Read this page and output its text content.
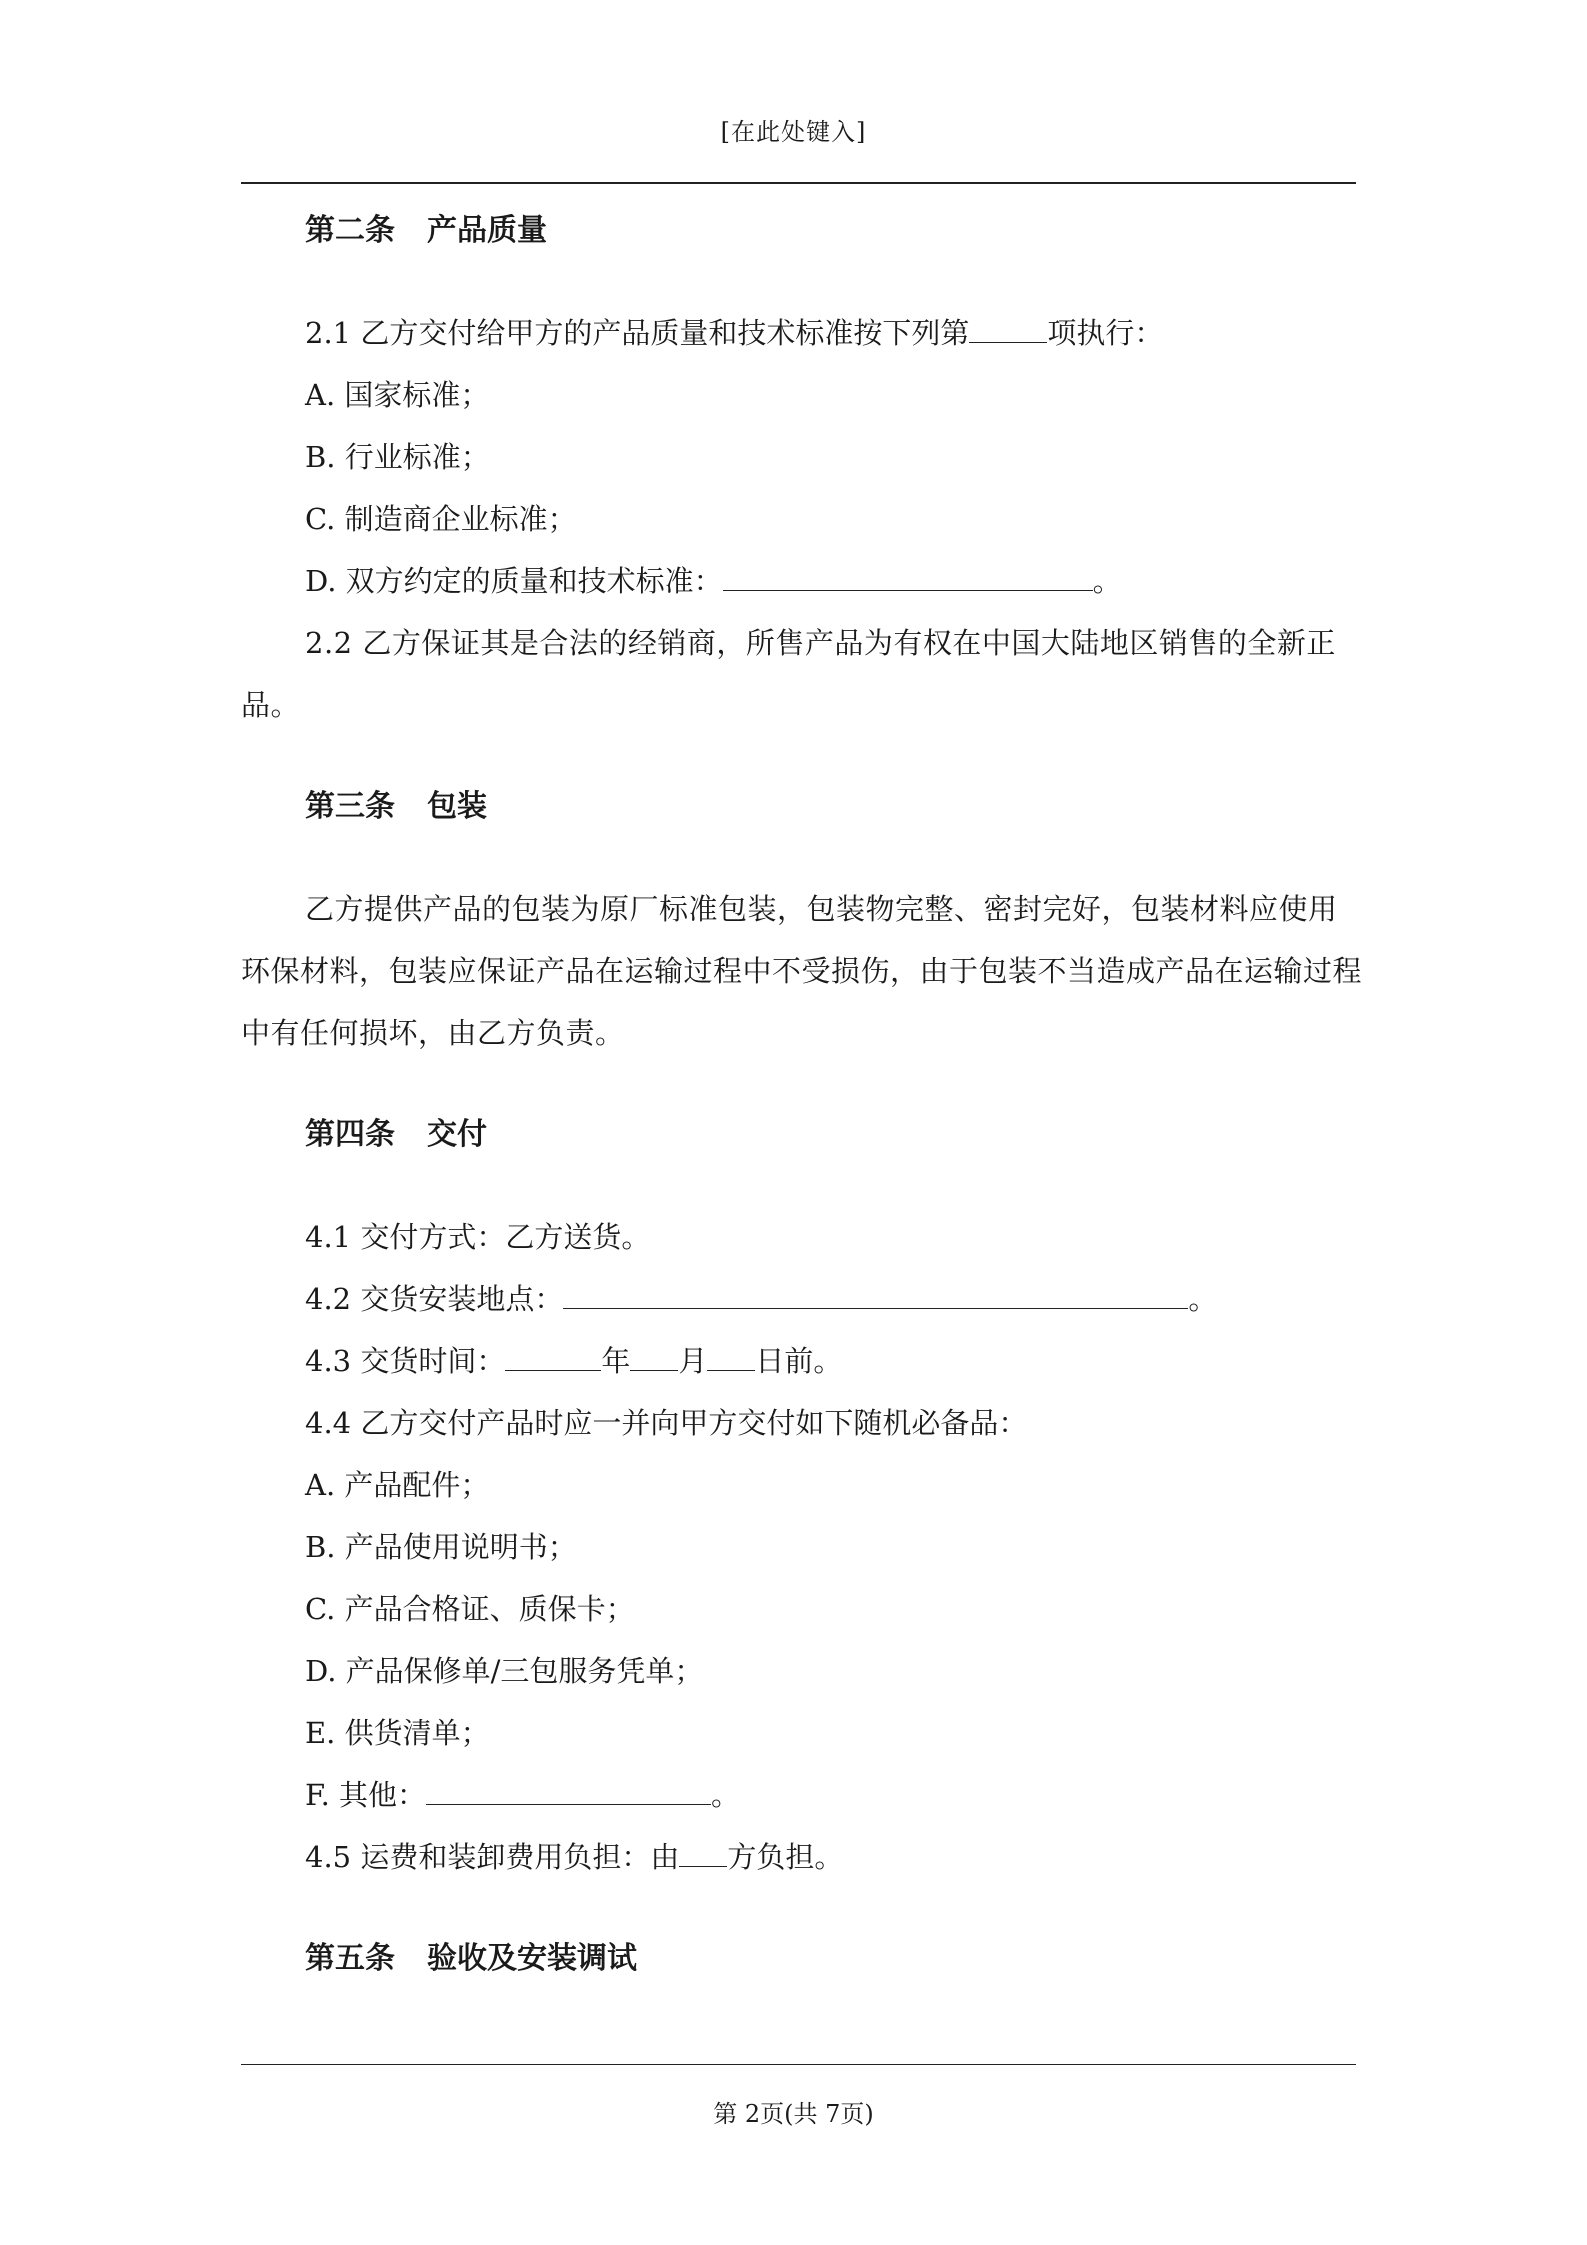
[在此处键入]

第二条 产品质量

2.1 乙方交付给甲方的产品质量和技术标准按下列第	项执行：

A. 国家标准；

B. 行业标准；

C. 制造商企业标准；

D. 双方约定的质量和技术标准：	。

2.2 乙方保证其是合法的经销商，所售产品为有权在中国大陆地区销售的全新正品。

第三条 包装

乙方提供产品的包装为原厂标准包装，包装物完整、密封完好，包装材料应使用环保材料，包装应保证产品在运输过程中不受损伤，由于包装不当造成产品在运输过程中有任何损坏，由乙方负责。

第四条 交付

4.1 交付方式：乙方送货。

4.2 交货安装地点：	。

4.3 交货时间：	年 月 日前。

4.4 乙方交付产品时应一并向甲方交付如下随机必备品：

A. 产品配件；

B. 产品使用说明书；

C. 产品合格证、质保卡；

D. 产品保修单/三包服务凭单；

E. 供货清单；

F. 其他：	。

4.5 运费和装卸费用负担：由 方负担。

第五条 验收及安装调试

第 2页(共 7页)
